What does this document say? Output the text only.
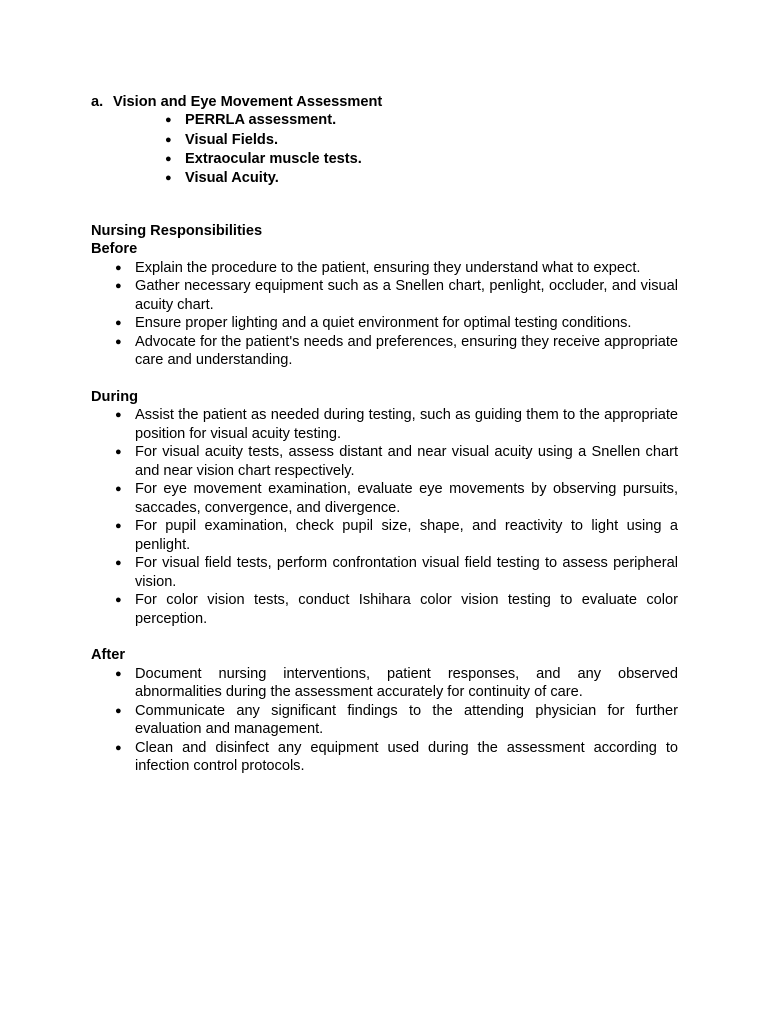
a. Vision and Eye Movement Assessment
● PERRLA assessment.
● Visual Fields.
● Extraocular muscle tests.
● Visual Acuity.
Nursing Responsibilities
Before
● Explain the procedure to the patient, ensuring they understand what to expect.
● Gather necessary equipment such as a Snellen chart, penlight, occluder, and visual acuity chart.
● Ensure proper lighting and a quiet environment for optimal testing conditions.
● Advocate for the patient's needs and preferences, ensuring they receive appropriate care and understanding.
During
● Assist the patient as needed during testing, such as guiding them to the appropriate position for visual acuity testing.
● For visual acuity tests, assess distant and near visual acuity using a Snellen chart and near vision chart respectively.
● For eye movement examination, evaluate eye movements by observing pursuits, saccades, convergence, and divergence.
● For pupil examination, check pupil size, shape, and reactivity to light using a penlight.
● For visual field tests, perform confrontation visual field testing to assess peripheral vision.
● For color vision tests, conduct Ishihara color vision testing to evaluate color perception.
After
● Document nursing interventions, patient responses, and any observed abnormalities during the assessment accurately for continuity of care.
● Communicate any significant findings to the attending physician for further evaluation and management.
● Clean and disinfect any equipment used during the assessment according to infection control protocols.
